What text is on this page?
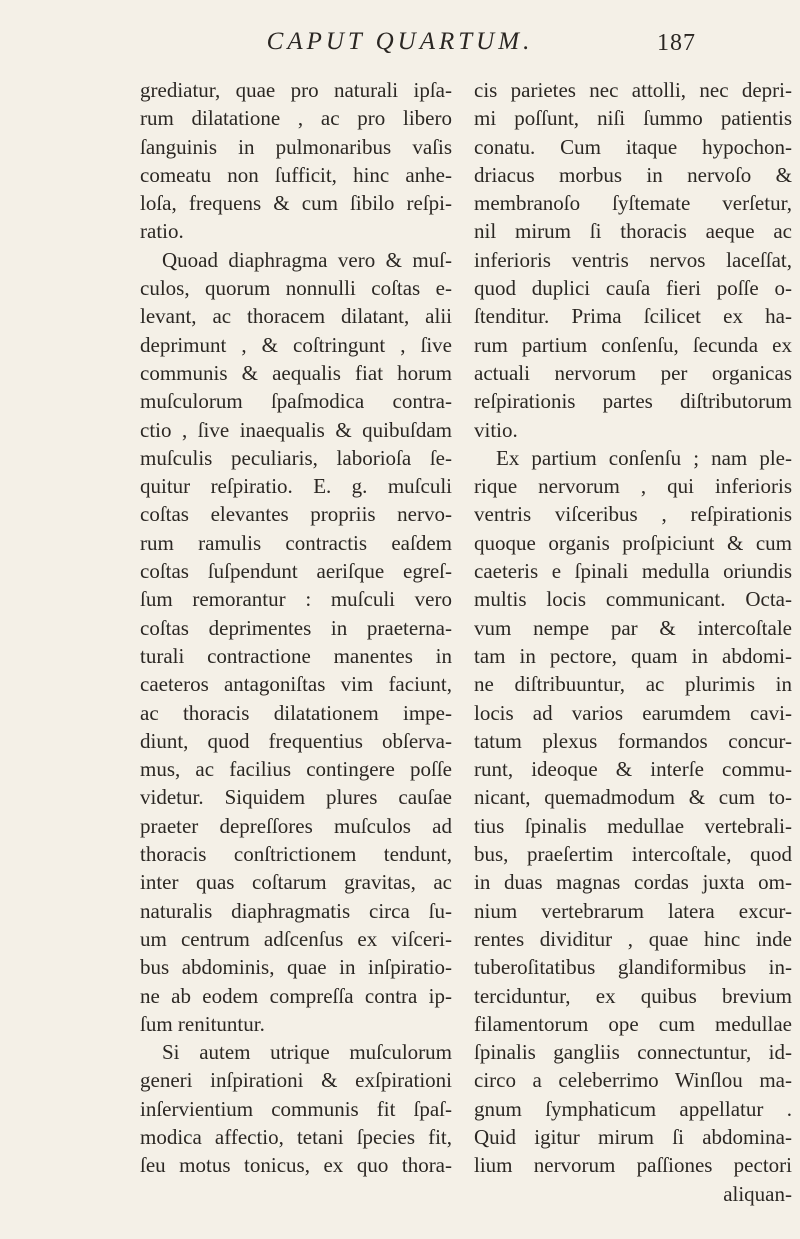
CAPUT QUARTUM.	187
grediatur, quae pro naturali ipſa-
rum dilatatione , ac pro libero
ſanguinis in pulmonaribus vaſis
comeatu non ſufficit, hinc anhe-
loſa, frequens & cum ſibilo reſpi-
ratio.
Quoad diaphragma vero & muſ-
culos, quorum nonnulli coſtas e-
levant, ac thoracem dilatant, alii
deprimunt , & coſtringunt , ſive
communis & aequalis fiat horum
muſculorum ſpaſmodica contra-
ctio , ſive inaequalis & quibuſdam
muſculis peculiaris, laborioſa ſe-
quitur reſpiratio. E. g. muſculi
coſtas elevantes propriis nervo-
rum ramulis contractis eaſdem
coſtas ſuſpendunt aeriſque egreſ-
ſum remorantur : muſculi vero
coſtas deprimentes in praeterna-
turali contractione manentes in
caeteros antagoniſtas vim faciunt,
ac thoracis dilatationem impe-
diunt, quod frequentius obſerva-
mus, ac facilius contingere poſſe
videtur. Siquidem plures cauſae
praeter depreſſores muſculos ad
thoracis conſtrictionem tendunt,
inter quas coſtarum gravitas, ac
naturalis diaphragmatis circa ſu-
um centrum adſcenſus ex viſceri-
bus abdominis, quae in inſpiratio-
ne ab eodem compreſſa contra ip-
ſum renituntur.
Si autem utrique muſculorum
generi inſpirationi & exſpirationi
inſervientium communis fit ſpaſ-
modica affectio, tetani ſpecies fit,
ſeu motus tonicus, ex quo thora-
cis parietes nec attolli, nec depri-
mi poſſunt, niſi ſummo patientis
conatu. Cum itaque hypochon-
driacus morbus in nervoſo &
membranoſo ſyſtemate verſetur,
nil mirum ſi thoracis aeque ac
inferioris ventris nervos laceſſat,
quod duplici cauſa fieri poſſe o-
ſtenditur. Prima ſcilicet ex ha-
rum partium conſenſu, ſecunda ex
actuali nervorum per organicas
reſpirationis partes diſtributorum
vitio.
Ex partium conſenſu ; nam ple-
rique nervorum , qui inferioris
ventris viſceribus , reſpirationis
quoque organis proſpiciunt & cum
caeteris e ſpinali medulla oriundis
multis locis communicant. Octa-
vum nempe par & intercoſtale
tam in pectore, quam in abdomi-
ne diſtribuuntur, ac plurimis in
locis ad varios earumdem cavi-
tatum plexus formandos concur-
runt, ideoque & interſe commu-
nicant, quemadmodum & cum to-
tius ſpinalis medullae vertebrali-
bus, praeſertim intercoſtale, quod
in duas magnas cordas juxta om-
nium vertebrarum latera excur-
rentes dividitur , quae hinc inde
tuberoſitatibus glandiformibus in-
terciduntur, ex quibus brevium
filamentorum ope cum medullae
ſpinalis gangliis connectuntur, id-
circo a celeberrimo Winſlou ma-
gnum ſymphaticum appellatur .
Quid igitur mirum ſi abdomina-
lium nervorum paſſiones pectori
aliquan-
